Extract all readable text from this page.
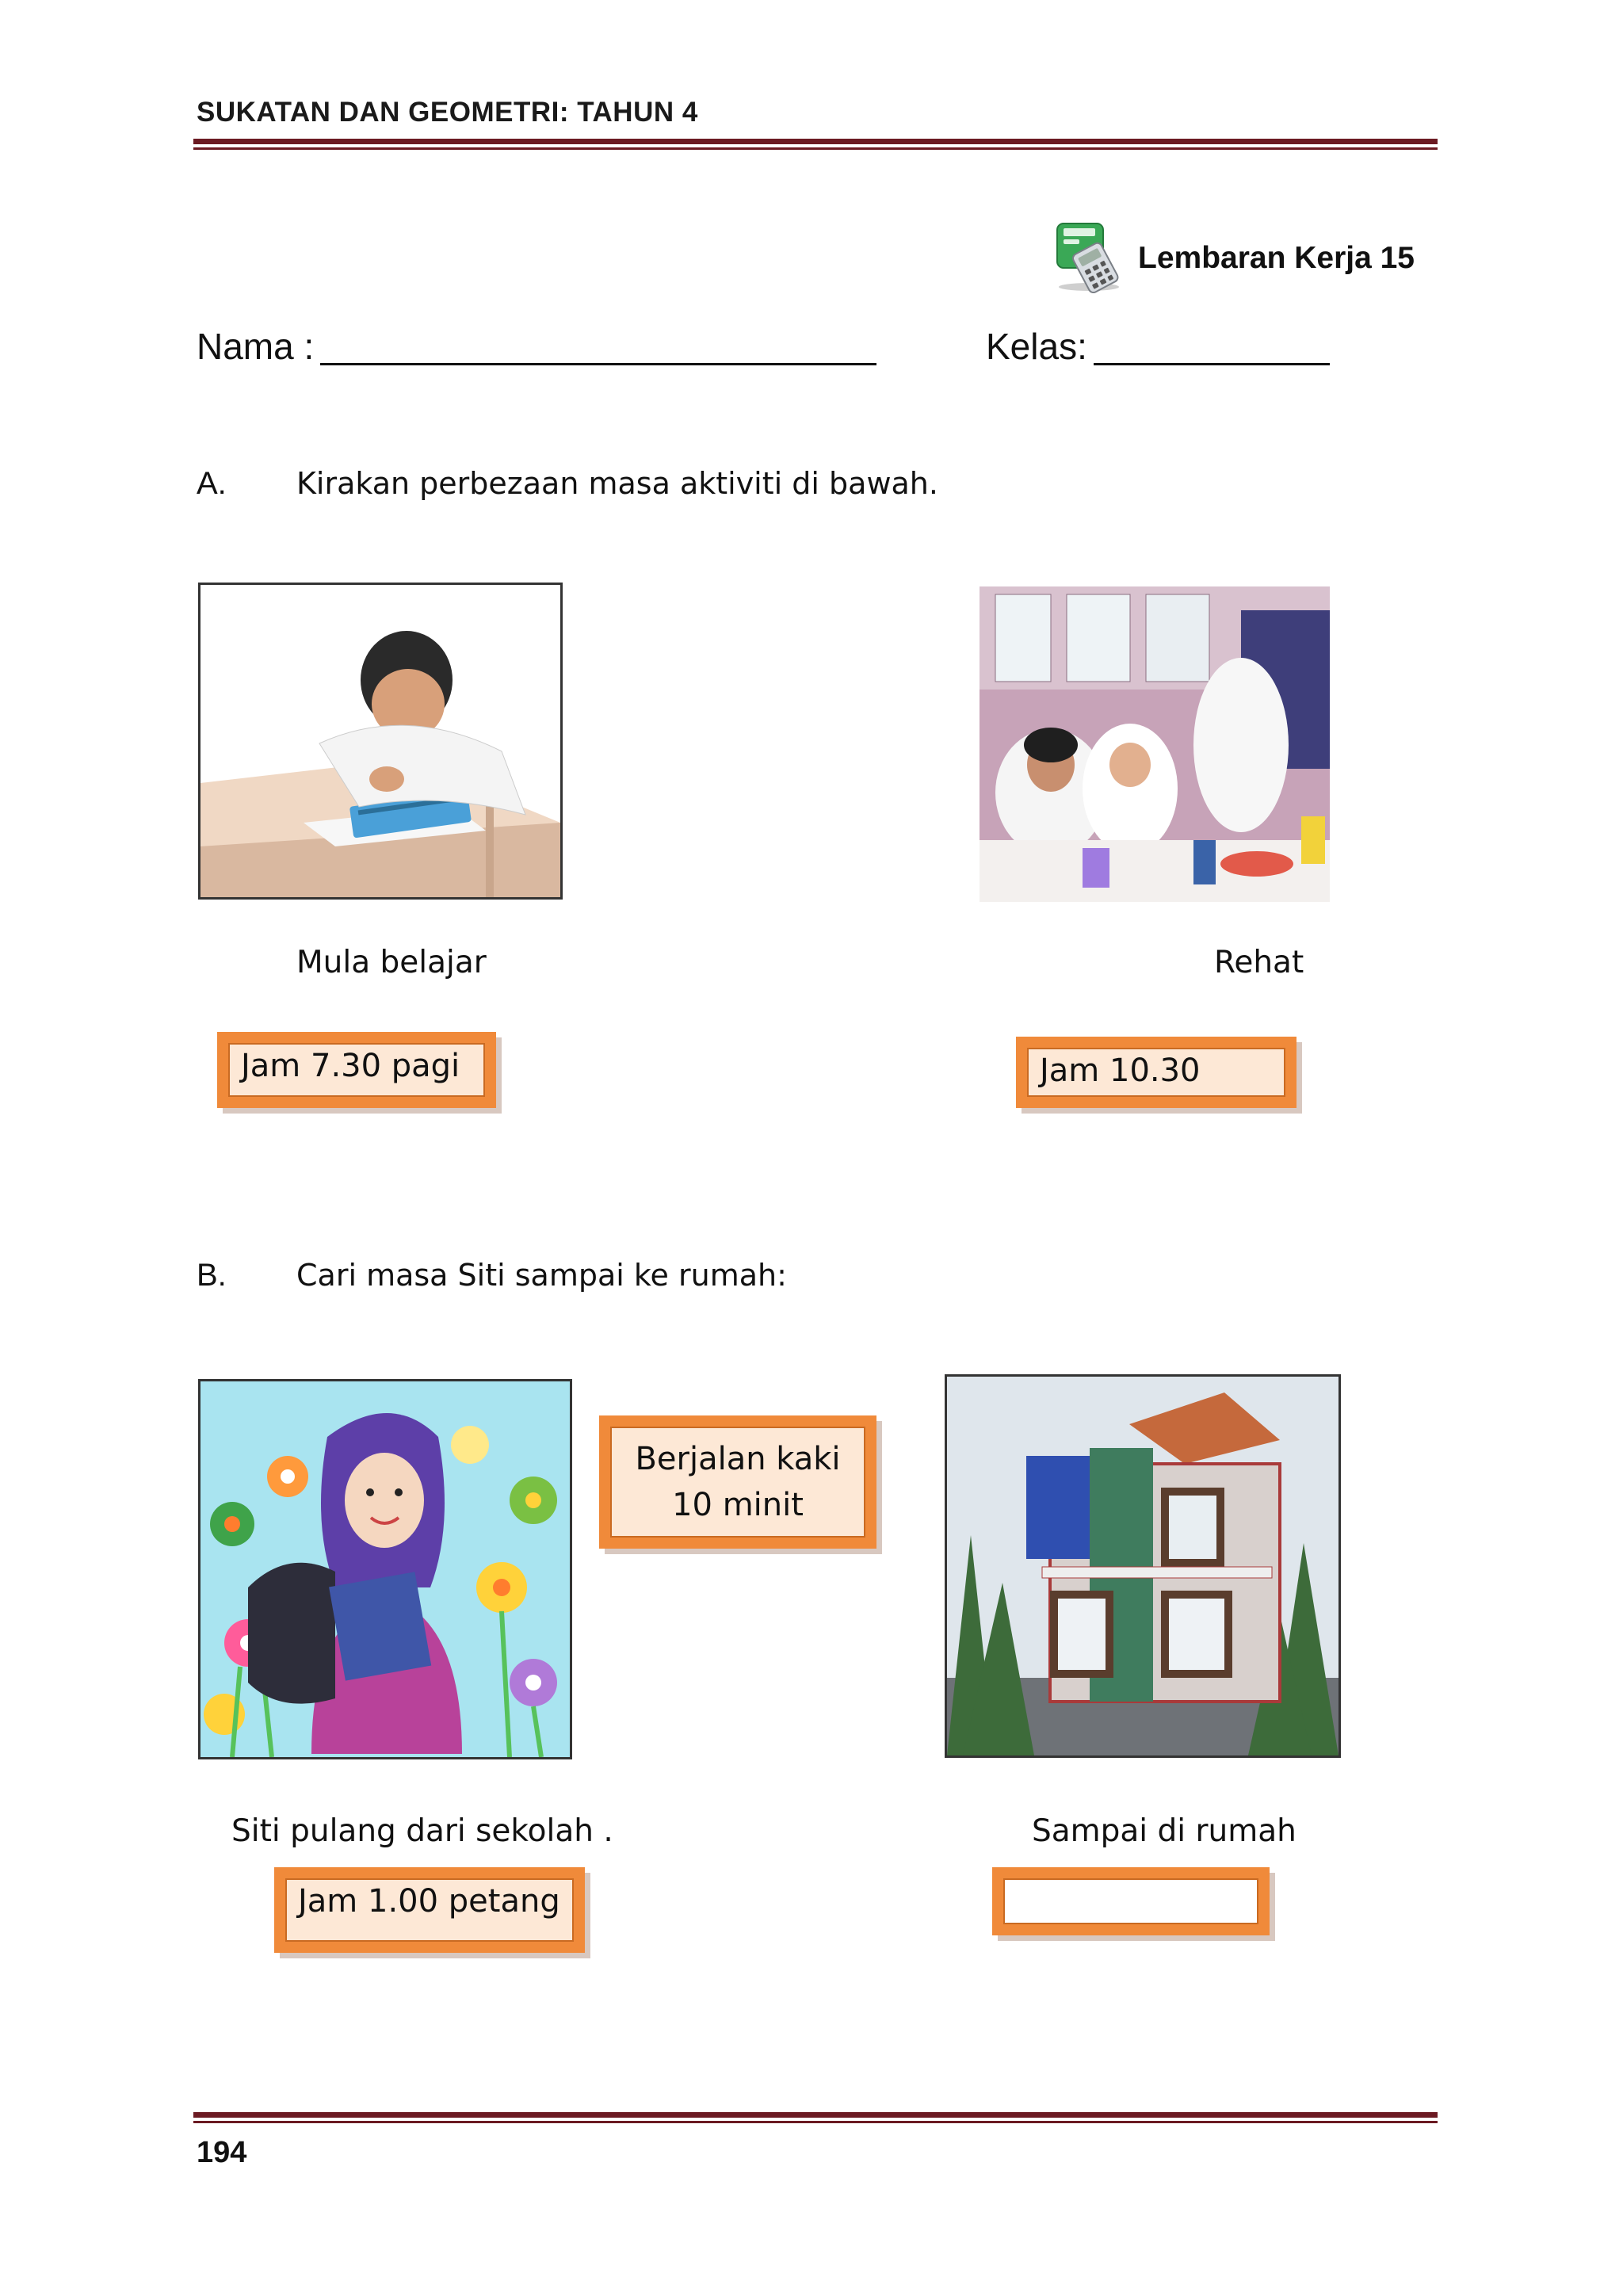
SUKATAN DAN GEOMETRI: TAHUN 4
Lembaran Kerja 15
Nama :	Kelas:
A. Kirakan perbezaan masa aktiviti di bawah.
Mula belajar	Rehat
Jam 7.30 pagi	Jam 10.30
B. Cari masa Siti sampai ke rumah:
Berjalan kaki
10 minit
Siti pulang dari sekolah .	Sampai di rumah
Jam 1.00 petang
194
